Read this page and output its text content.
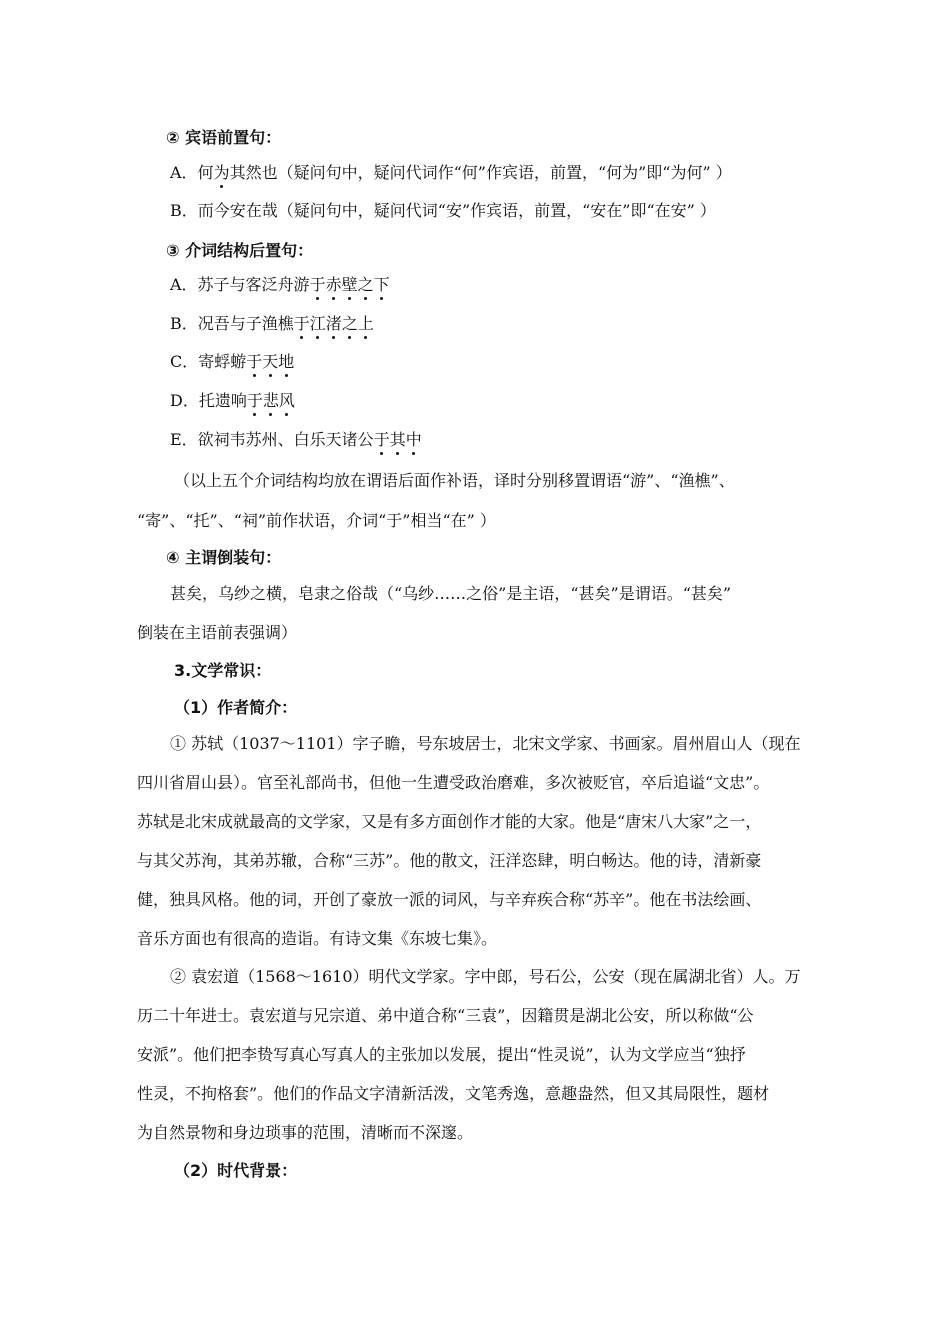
② 宾语前置句：
A．何为其然也（疑问句中，疑问代词作“何”作宾语，前置，“何为”即“为何” ）
B．而今安在哉（疑问句中，疑问代词“安”作宾语，前置，“安在”即“在安” ）
③ 介词结构后置句：
A．苏子与客泛舟游于赤壁之下
B．况吾与子渔樵于江渚之上
C．寄蜉蝣于天地
D．托遗响于悲风
E．欲祠韦苏州、白乐天诸公于其中
（以上五个介词结构均放在谓语后面作补语，译时分别移置谓语“游”、“渔樵”、
“寄”、“托”、“祠”前作状语，介词“于”相当“在” ）
④ 主谓倒装句：
甚矣，乌纱之横，皂隶之俗哉（“乌纱……之俗”是主语，“甚矣”是谓语。“甚矣”
倒装在主语前表强调）
3.文学常识：
（1）作者简介：
① 苏轼（1037～1101）字子瞻，号东坡居士，北宋文学家、书画家。眉州眉山人（现在
四川省眉山县）。官至礼部尚书，但他一生遭受政治磨难，多次被贬官，卒后追谥“文忠”。
苏轼是北宋成就最高的文学家，又是有多方面创作才能的大家。他是“唐宋八大家”之一，
与其父苏洵，其弟苏辙，合称“三苏”。他的散文，汪洋恣肆，明白畅达。他的诗，清新豪
健，独具风格。他的词，开创了豪放一派的词风，与辛弃疾合称“苏辛”。他在书法绘画、
音乐方面也有很高的造诣。有诗文集《东坡七集》。
② 袁宏道（1568～1610）明代文学家。字中郎，号石公，公安（现在属湖北省）人。万
历二十年进士。袁宏道与兄宗道、弟中道合称“三袁”，因籍贯是湖北公安，所以称做“公
安派”。他们把李贽写真心写真人的主张加以发展，提出“性灵说”，认为文学应当“独抒
性灵，不拘格套”。他们的作品文字清新活泼，文笔秀逸，意趣盎然，但又其局限性，题材
为自然景物和身边琐事的范围，清晰而不深邃。
（2）时代背景：
